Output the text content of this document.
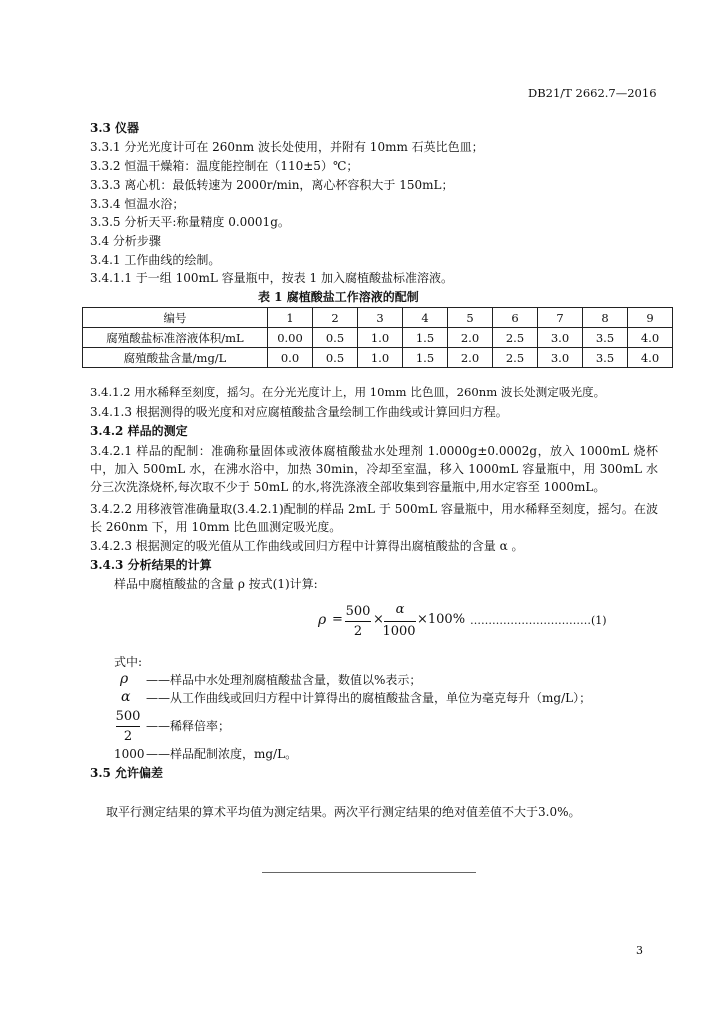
DB21/T 2662.7—2016
3.3 仪器
3.3.1 分光光度计可在 260nm 波长处使用，并附有 10mm 石英比色皿；
3.3.2 恒温干燥箱：温度能控制在（110±5）℃；
3.3.3 离心机：最低转速为 2000r/min，离心杯容积大于 150mL；
3.3.4 恒温水浴；
3.3.5 分析天平:称量精度 0.0001g。
3.4 分析步骤
3.4.1 工作曲线的绘制。
3.4.1.1 于一组 100mL 容量瓶中，按表 1 加入腐植酸盐标准溶液。
表 1 腐植酸盐工作溶液的配制
编号	1	2	3	4	5	6	7	8	9
腐殖酸盐标准溶液体积/mL	0.00	0.5	1.0	1.5	2.0	2.5	3.0	3.5	4.0
腐殖酸盐含量/mg/L	0.0	0.5	1.0	1.5	2.0	2.5	3.0	3.5	4.0
3.4.1.2 用水稀释至刻度，摇匀。在分光光度计上，用 10mm 比色皿，260nm 波长处测定吸光度。
3.4.1.3 根据测得的吸光度和对应腐植酸盐含量绘制工作曲线或计算回归方程。
3.4.2 样品的测定
3.4.2.1 样品的配制：准确称量固体或液体腐植酸盐水处理剂 1.0000g±0.0002g，放入 1000mL 烧杯中，加入 500mL 水，在沸水浴中，加热 30min，冷却至室温，移入 1000mL 容量瓶中，用 300mL 水分三次洗涤烧杯,每次取不少于 50mL 的水,将洗涤液全部收集到容量瓶中,用水定容至 1000mL。
3.4.2.2 用移液管准确量取(3.4.2.1)配制的样品 2mL 于 500mL 容量瓶中，用水稀释至刻度，摇匀。在波长 260nm 下，用 10mm 比色皿测定吸光度。
3.4.2.3 根据测定的吸光值从工作曲线或回归方程中计算得出腐植酸盐的含量 α 。
3.4.3 分析结果的计算
样品中腐植酸盐的含量 ρ 按式(1)计算:
ρ =
500
2
×
α
1000
×100% ……………………………(1)
式中:
ρ ——样品中水处理剂腐植酸盐含量，数值以%表示；
α ——从工作曲线或回归方程中计算得出的腐植酸盐含量，单位为毫克每升（mg/L）；
500
2
——稀释倍率；
1000 ——样品配制浓度，mg/L。
3.5 允许偏差
取平行测定结果的算术平均值为测定结果。两次平行测定结果的绝对值差值不大于3.0%。
3
